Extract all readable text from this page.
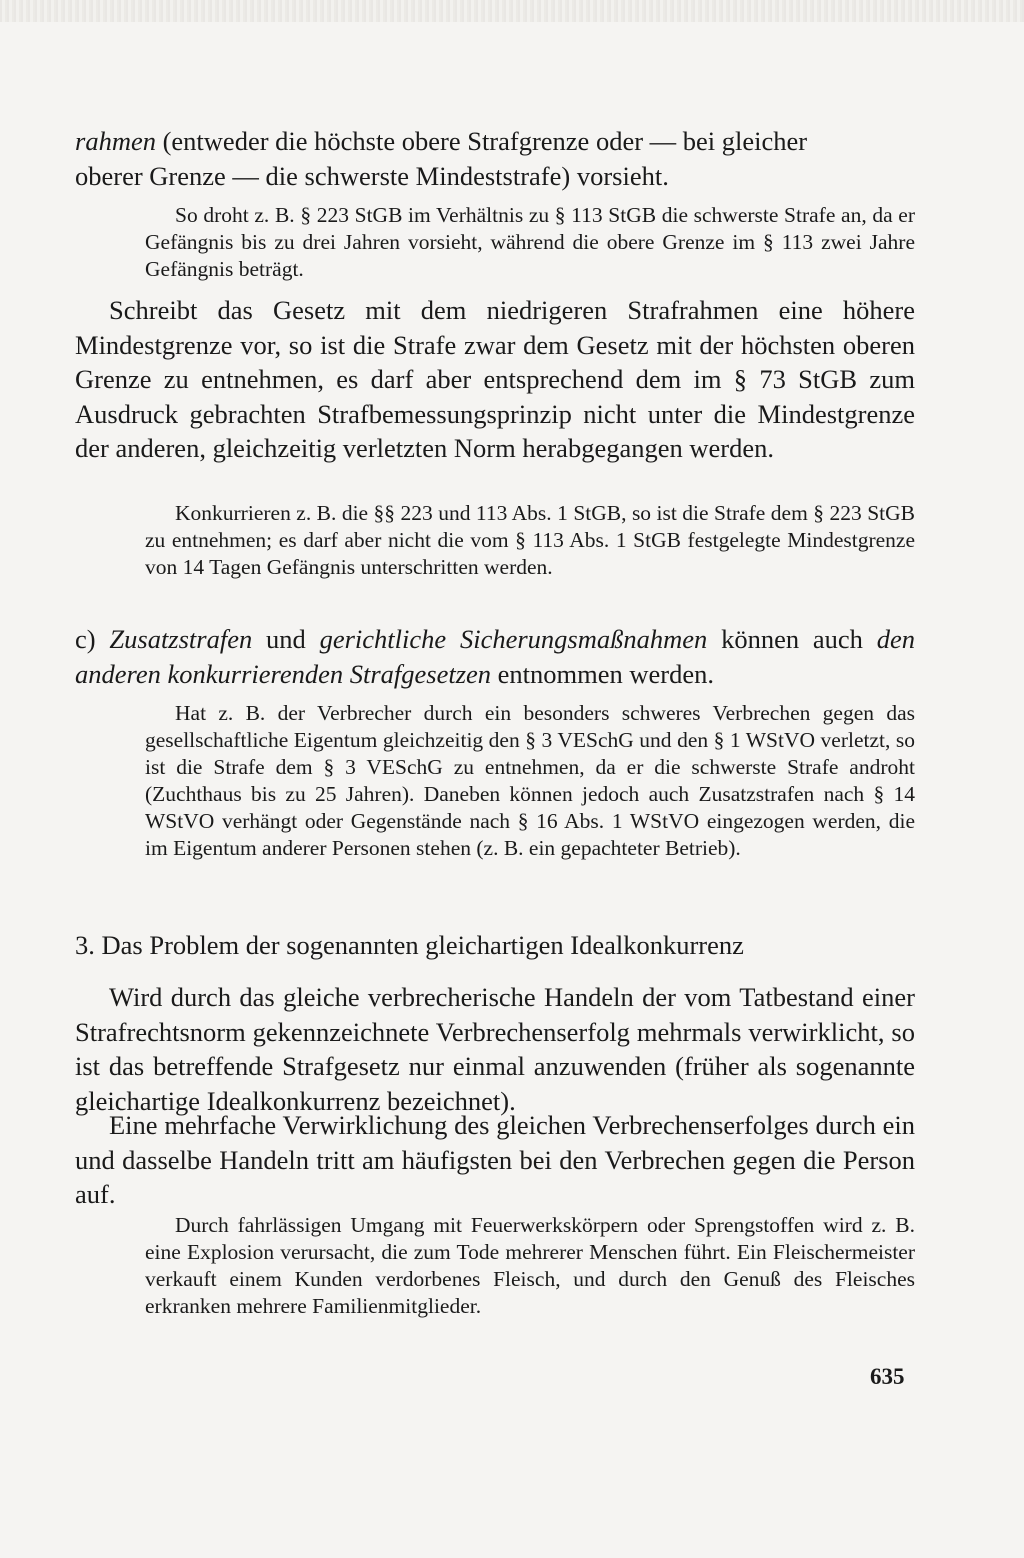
rahmen (entweder die höchste obere Strafgrenze oder — bei gleicher
oberer Grenze — die schwerste Mindeststrafe) vorsieht.

So droht z. B. § 223 StGB im Verhältnis zu § 113 StGB die schwerste Strafe an, da er Gefängnis bis zu drei Jahren vorsieht, während die obere Grenze im § 113 zwei Jahre Gefängnis beträgt.

Schreibt das Gesetz mit dem niedrigeren Strafrahmen eine höhere Mindestgrenze vor, so ist die Strafe zwar dem Gesetz mit der höchsten oberen Grenze zu entnehmen, es darf aber entsprechend dem im § 73 StGB zum Ausdruck gebrachten Strafbemessungsprinzip nicht unter die Mindestgrenze der anderen, gleichzeitig verletzten Norm herabgegangen werden.

Konkurrieren z. B. die §§ 223 und 113 Abs. 1 StGB, so ist die Strafe dem § 223 StGB zu entnehmen; es darf aber nicht die vom § 113 Abs. 1 StGB festgelegte Mindestgrenze von 14 Tagen Gefängnis unterschritten werden.

c) Zusatzstrafen und gerichtliche Sicherungsmaßnahmen können auch den anderen konkurrierenden Strafgesetzen entnommen werden.

Hat z. B. der Verbrecher durch ein besonders schweres Verbrechen gegen das gesellschaftliche Eigentum gleichzeitig den § 3 VESchG und den § 1 WStVO verletzt, so ist die Strafe dem § 3 VESchG zu entnehmen, da er die schwerste Strafe androht (Zuchthaus bis zu 25 Jahren). Daneben können jedoch auch Zusatzstrafen nach § 14 WStVO verhängt oder Gegenstände nach § 16 Abs. 1 WStVO eingezogen werden, die im Eigentum anderer Personen stehen (z. B. ein gepachteter Betrieb).

3. Das Problem der sogenannten gleichartigen Idealkonkurrenz

Wird durch das gleiche verbrecherische Handeln der vom Tatbestand einer Strafrechtsnorm gekennzeichnete Verbrechenserfolg mehrmals verwirklicht, so ist das betreffende Strafgesetz nur einmal anzuwenden (früher als sogenannte gleichartige Idealkonkurrenz bezeichnet).

Eine mehrfache Verwirklichung des gleichen Verbrechenserfolges durch ein und dasselbe Handeln tritt am häufigsten bei den Verbrechen gegen die Person auf.

Durch fahrlässigen Umgang mit Feuerwerkskörpern oder Sprengstoffen wird z. B. eine Explosion verursacht, die zum Tode mehrerer Menschen führt. Ein Fleischermeister verkauft einem Kunden verdorbenes Fleisch, und durch den Genuß des Fleisches erkranken mehrere Familienmitglieder.

635
